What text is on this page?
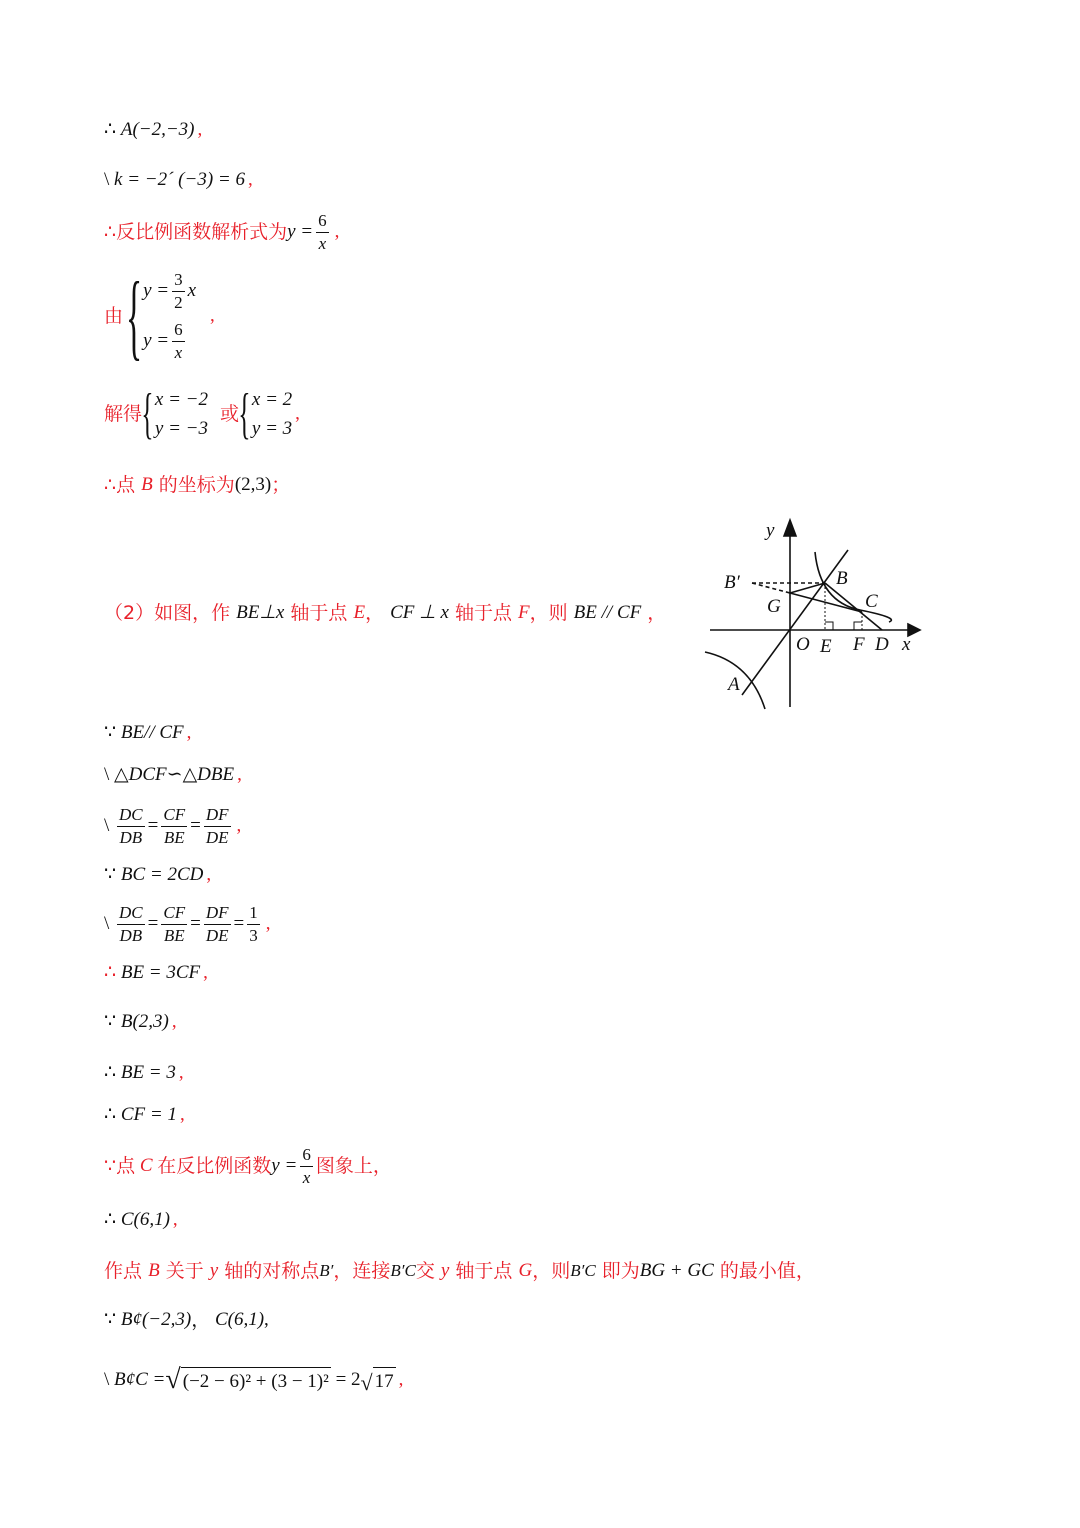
∴
A(−2,−3) ,
\
k = −2´ (−3) = 6 ,
∴反比例函数解析式为 $y = \frac{6}{x}$ ,
由 { $y = \frac{3}{2}$ x
$y = \frac{6}{x}$
,
解得 { x = −2
y = −3
或 { x = 2
y = 3
,
∴点
B
的坐标为 (2,3) ；
（2）如图，作
BE⊥x
轴于点
E ，
CF ⊥ x
轴于点
F ，则
BE // CF
，
y
x
O E F D
A
B
B′
C
G
∵
BE// CF ,
\
△DCF∽△DBE ,
\
$\frac{DC}{DB} = \frac{CF}{BE} = \frac{DF}{DE}$ ,
∵
BC = 2CD ,
\
$\frac{DC}{DB} = \frac{CF}{BE} = \frac{DF}{DE} = \frac{1}{3}$ ,
∴
BE = 3CF ,
∵
B(2,3) ,
∴
BE = 3 ,
∴
CF = 1 ,
∵点
C
在反比例函数 $y = \frac{6}{x}$ 图象上，
∴
C(6,1) ,
作点
B
关于
y
轴的对称点 B′ ，连接 B′C 交
y
轴于点
G ，则 B′C
即为 BG + GC
的最小值，
∵
B¢(−2,3) ，
C(6,1) ,
\
B¢C = √ (−2 − 6)² + (3 − 1)²
= 2 √ 17 ,
